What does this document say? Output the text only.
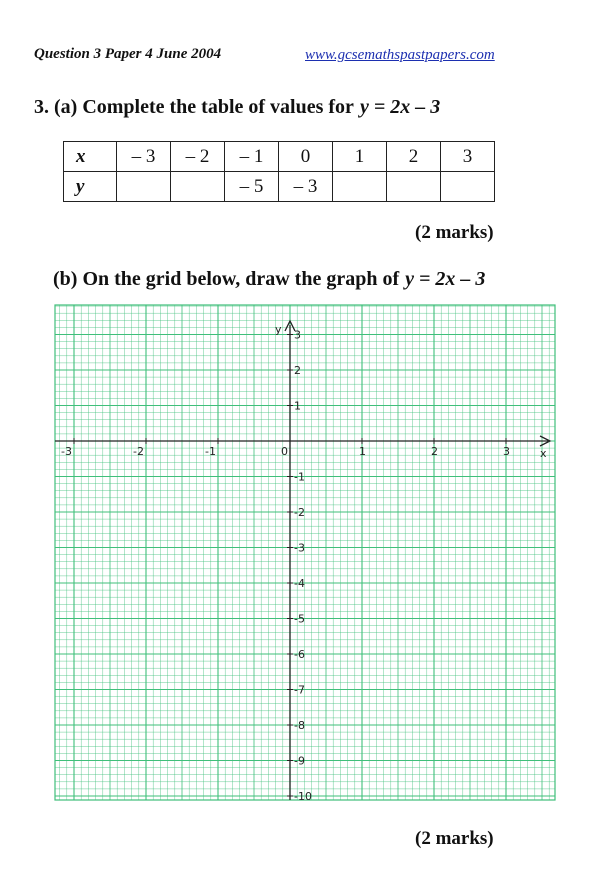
Question 3 Paper 4 June 2004	www.gcsemathspastpapers.com
3. (a) Complete the table of values for y = 2x – 3
x	– 3	– 2	– 1	0	1	2	3
y			– 5	– 3			
(2 marks)
(b) On the grid below, draw the graph of y = 2x – 3
-3	-2	-1	0	1	2	3
3
2
1
-1
-2
-3
-4
-5
-6
-7
-8
-9
-10
x
y
(2 marks)
